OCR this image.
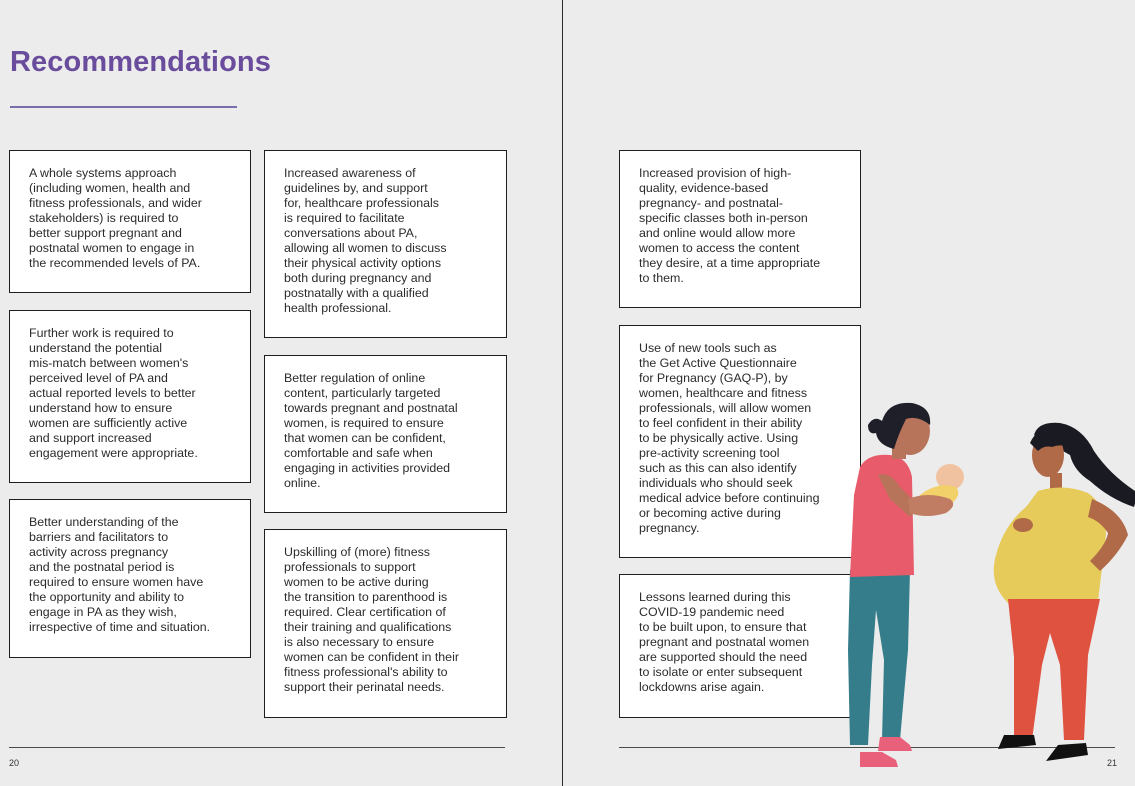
Recommendations

A whole systems approach
(including women, health and
fitness professionals, and wider
stakeholders) is required to
better support pregnant and
postnatal women to engage in
the recommended levels of PA.

Further work is required to
understand the potential
mis-match between women's
perceived level of PA and
actual reported levels to better
understand how to ensure
women are sufficiently active
and support increased
engagement were appropriate.

Better understanding of the
barriers and facilitators to
activity across pregnancy
and the postnatal period is
required to ensure women have
the opportunity and ability to
engage in PA as they wish,
irrespective of time and situation.

Increased awareness of
guidelines by, and support
for, healthcare professionals
is required to facilitate
conversations about PA,
allowing all women to discuss
their physical activity options
both during pregnancy and
postnatally with a qualified
health professional.

Better regulation of online
content, particularly targeted
towards pregnant and postnatal
women, is required to ensure
that women can be confident,
comfortable and safe when
engaging in activities provided
online.

Upskilling of (more) fitness
professionals to support
women to be active during
the transition to parenthood is
required. Clear certification of
their training and qualifications
is also necessary to ensure
women can be confident in their
fitness professional's ability to
support their perinatal needs.

20

Increased provision of high-
quality, evidence-based
pregnancy- and postnatal-
specific classes both in-person
and online would allow more
women to access the content
they desire, at a time appropriate
to them.

Use of new tools such as
the Get Active Questionnaire
for Pregnancy (GAQ-P), by
women, healthcare and fitness
professionals, will allow women
to feel confident in their ability
to be physically active. Using
pre-activity screening tool
such as this can also identify
individuals who should seek
medical advice before continuing
or becoming active during
pregnancy.

Lessons learned during this
COVID-19 pandemic need
to be built upon, to ensure that
pregnant and postnatal women
are supported should the need
to isolate or enter subsequent
lockdowns arise again.

21
